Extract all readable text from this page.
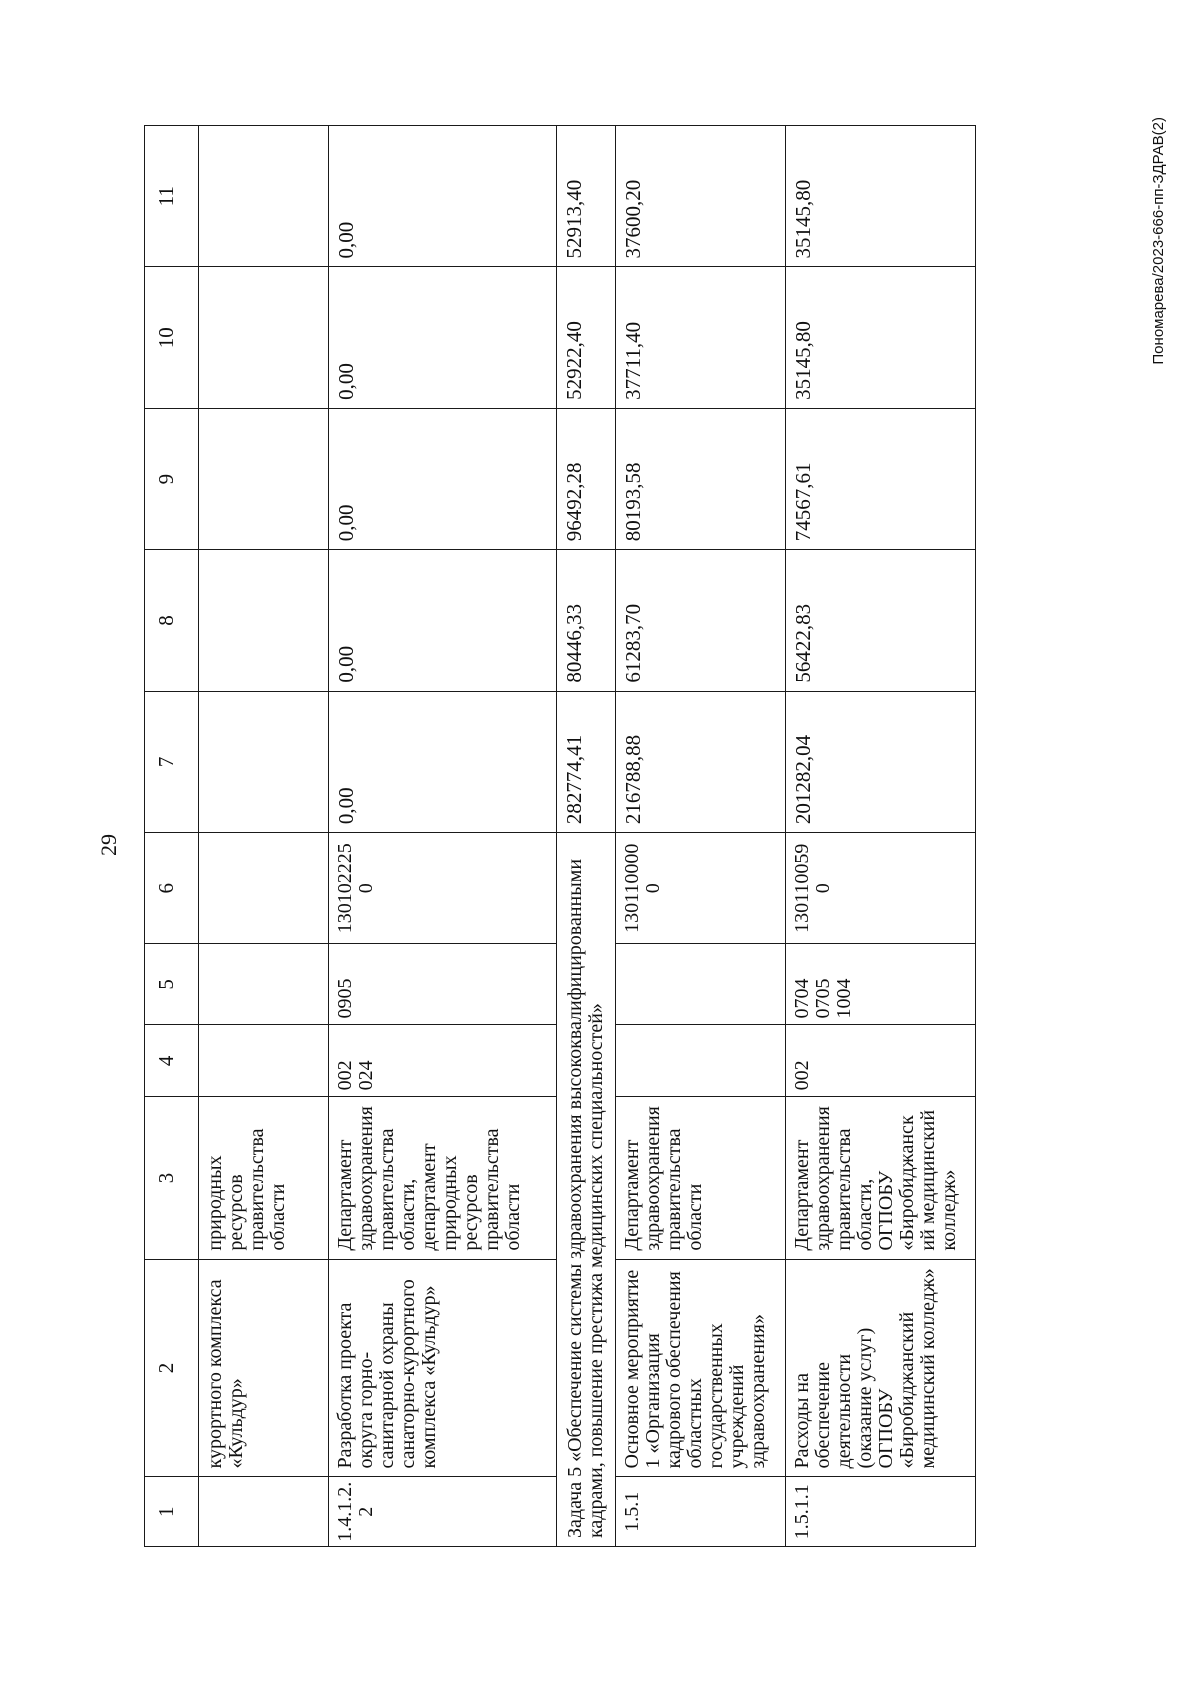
29
1	2	3	4	5	6	7	8	9	10	11
	курортного комплекса «Кульдур»	природных ресурсов правительства области								
1.4.1.2.2	Разработка проекта округа горно-санитарной охраны санаторно-курортного комплекса «Кульдур»	Департамент здравоохранения правительства области, департамент природных ресурсов правительства области	002 024	0905	1301022250	0,00	0,00	0,00	0,00	0,00
Задача 5 «Обеспечение системы здравоохранения высококвалифицированными кадрами, повышение престижа медицинских специальностей»						282774,41	80446,33	96492,28	52922,40	52913,40
1.5.1	Основное мероприятие 1 «Организация кадрового обеспечения областных государственных учреждений здравоохранения»	Департамент здравоохранения правительства области			1301100000	216788,88	61283,70	80193,58	37711,40	37600,20
1.5.1.1	Расходы на обеспечение деятельности (оказание услуг) ОГПОБУ «Биробиджанский медицинский колледж»	Департамент здравоохранения правительства области, ОГПОБУ «Биробиджанский медицинский колледж»	002	0704 0705 1004	1301100590	201282,04	56422,83	74567,61	35145,80	35145,80	Пономарева/2023-666-пп-ЗДРАВ(2)
